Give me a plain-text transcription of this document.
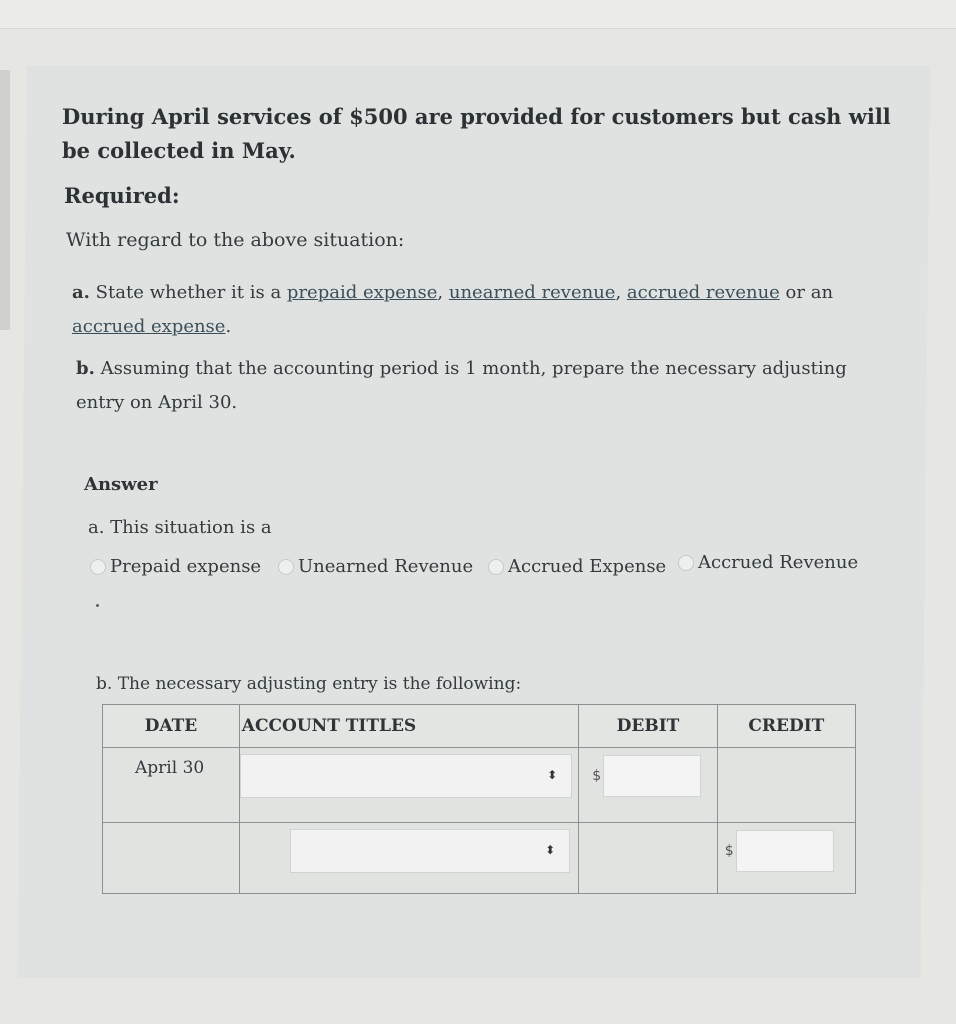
During April services of $500 are provided for customers but cash will be collected in May.

Required:

With regard to the above situation:

a. State whether it is a prepaid expense, unearned revenue, accrued revenue or an accrued expense.

b. Assuming that the accounting period is 1 month, prepare the necessary adjusting entry on April 30.

Answer

a. This situation is a

Prepaid expense Unearned Revenue Accrued Expense Accrued Revenue

b. The necessary adjusting entry is the following:

DATE	ACCOUNT TITLES	DEBIT	CREDIT
April 30	⬍	$	

	⬍		$
